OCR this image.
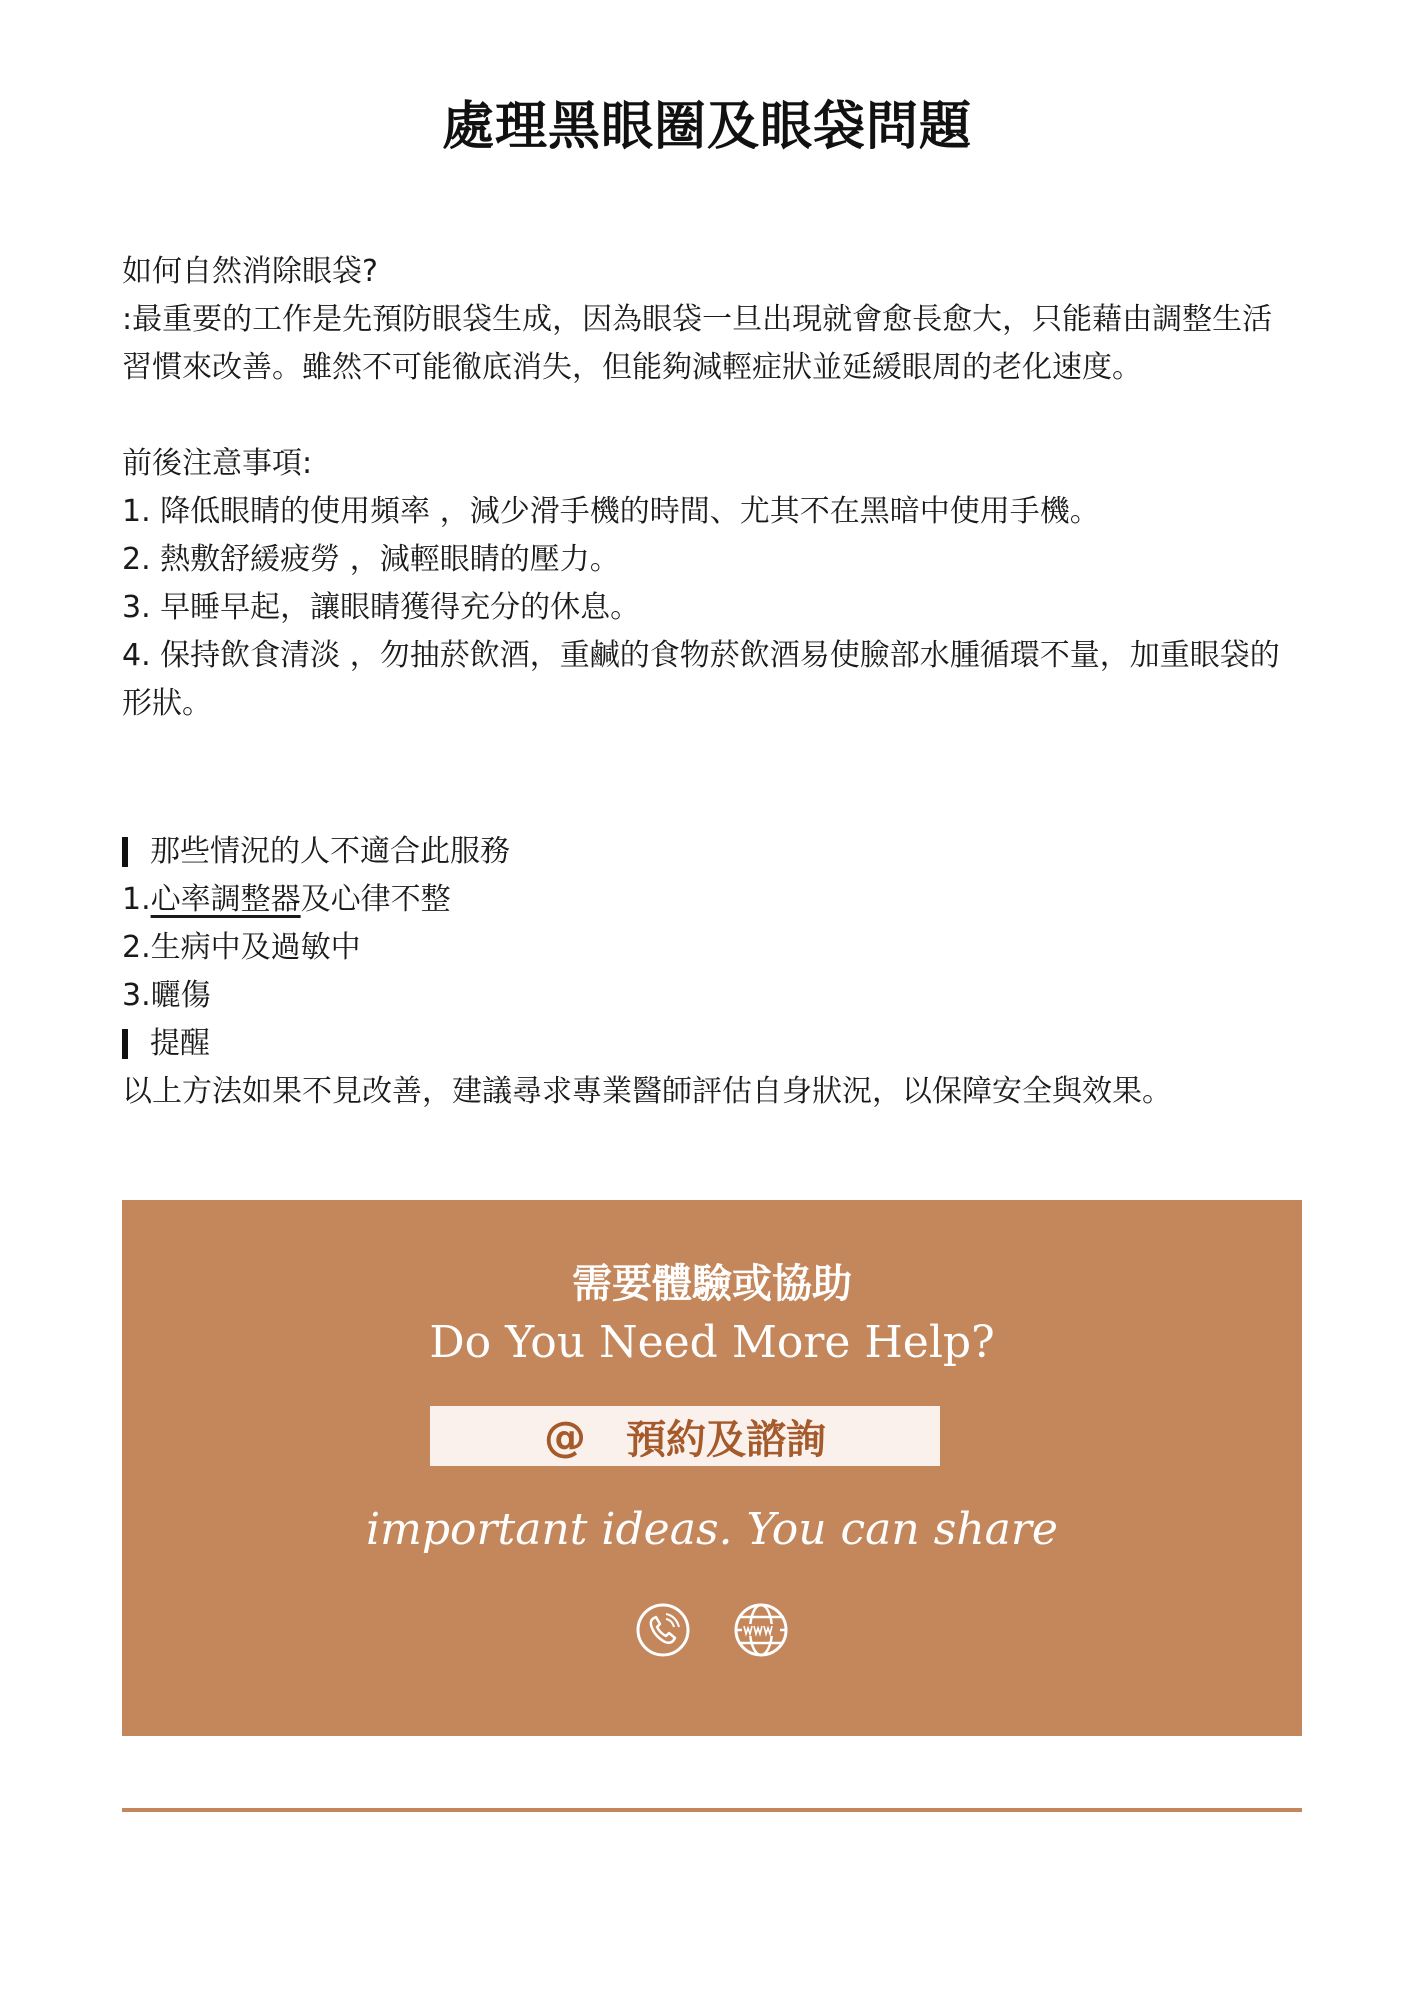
處理黑眼圈及眼袋問題

如何自然消除眼袋?

:最重要的工作是先預防眼袋生成，因為眼袋一旦出現就會愈長愈大，只能藉由調整生活習慣來改善。雖然不可能徹底消失，但能夠減輕症狀並延緩眼周的老化速度。

前後注意事項:

1. 降低眼睛的使用頻率 ，減少滑手機的時間、尤其不在黑暗中使用手機。

2. 熱敷舒緩疲勞 ，減輕眼睛的壓力。

3. 早睡早起，讓眼睛獲得充分的休息。

4. 保持飲食清淡 ，勿抽菸飲酒，重鹹的食物菸飲酒易使臉部水腫循環不量，加重眼袋的形狀。

那些情況的人不適合此服務

1.心率調整器及心律不整

2.生病中及過敏中

3.曬傷

提醒

以上方法如果不見改善，建議尋求專業醫師評估自身狀況，以保障安全與效果。

需要體驗或協助
Do You Need More Help?
@ 預約及諮詢
important ideas. You can share
